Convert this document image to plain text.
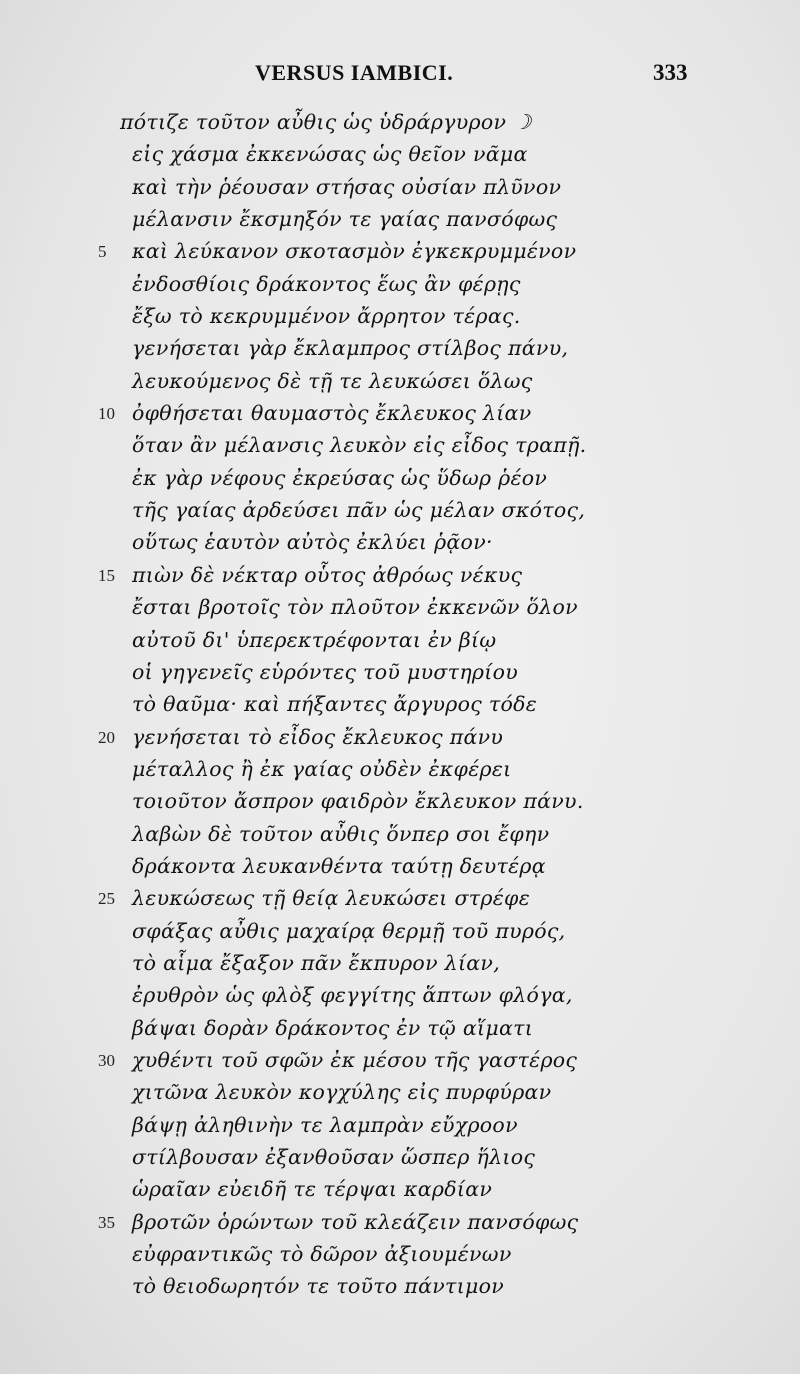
VERSUS IAMBICI.	333
πότιζε τοῦτον αὖθις ὡς ὑδράργυρον ☽
εἰς χάσμα ἐκκενώσας ὡς θεῖον νᾶμα
καὶ τὴν ῥέουσαν στήσας οὐσίαν πλῦνον
μέλανσιν ἔκσμηξόν τε γαίας πανσόφως
5	καὶ λεύκανον σκοτασμὸν ἐγκεκρυμμένον
ἐνδοσθίοις δράκοντος ἕως ἂν φέρῃς
ἔξω τὸ κεκρυμμένον ἄρρητον τέρας.
γενήσεται γὰρ ἔκλαμπρος στίλβος πάνυ,
λευκούμενος δὲ τῇ τε λευκώσει ὅλως
10 ὀφθήσεται θαυμαστὸς ἔκλευκος λίαν
ὅταν ἂν μέλανσις λευκὸν εἰς εἶδος τραπῇ.
ἐκ γὰρ νέφους ἐκρεύσας ὡς ὕδωρ ῥέον
τῆς γαίας ἀρδεύσει πᾶν ὡς μέλαν σκότος,
οὕτως ἑαυτὸν αὐτὸς ἐκλύει ῥᾷον·
15 πιὼν δὲ νέκταρ οὗτος ἀθρόως νέκυς
ἔσται βροτοῖς τὸν πλοῦτον ἐκκενῶν ὅλον
αὐτοῦ δι' ὑπερεκτρέφονται ἐν βίῳ
οἱ γηγενεῖς εὑρόντες τοῦ μυστηρίου
τὸ θαῦμα· καὶ πήξαντες ἄργυρος τόδε
20 γενήσεται τὸ εἶδος ἔκλευκος πάνυ
μέταλλος ἢ ἐκ γαίας οὐδὲν ἐκφέρει
τοιοῦτον ἄσπρον φαιδρὸν ἔκλευκον πάνυ.
λαβὼν δὲ τοῦτον αὖθις ὅνπερ σοι ἔφην
δράκοντα λευκανθέντα ταύτῃ δευτέρᾳ
25 λευκώσεως τῇ θείᾳ λευκώσει στρέφε
σφάξας αὖθις μαχαίρᾳ θερμῇ τοῦ πυρός,
τὸ αἷμα ἔξαξον πᾶν ἔκπυρον λίαν,
ἐρυθρὸν ὡς φλὸξ φεγγίτης ἅπτων φλόγα,
βάψαι δορὰν δράκοντος ἐν τῷ αἵματι
30 χυθέντι τοῦ σφῶν ἐκ μέσου τῆς γαστέρος
χιτῶνα λευκὸν κογχύλης εἰς πυρφύραν
βάψῃ ἀληθινὴν τε λαμπρὰν εὔχροον
στίλβουσαν ἐξανθοῦσαν ὥσπερ ἥλιος
ὡραῖαν εὐειδῆ τε τέρψαι καρδίαν
35 βροτῶν ὁρώντων τοῦ κλεάζειν πανσόφως
εὐφραντικῶς τὸ δῶρον ἀξιουμένων
τὸ θειοδωρητόν τε τοῦτο πάντιμον
